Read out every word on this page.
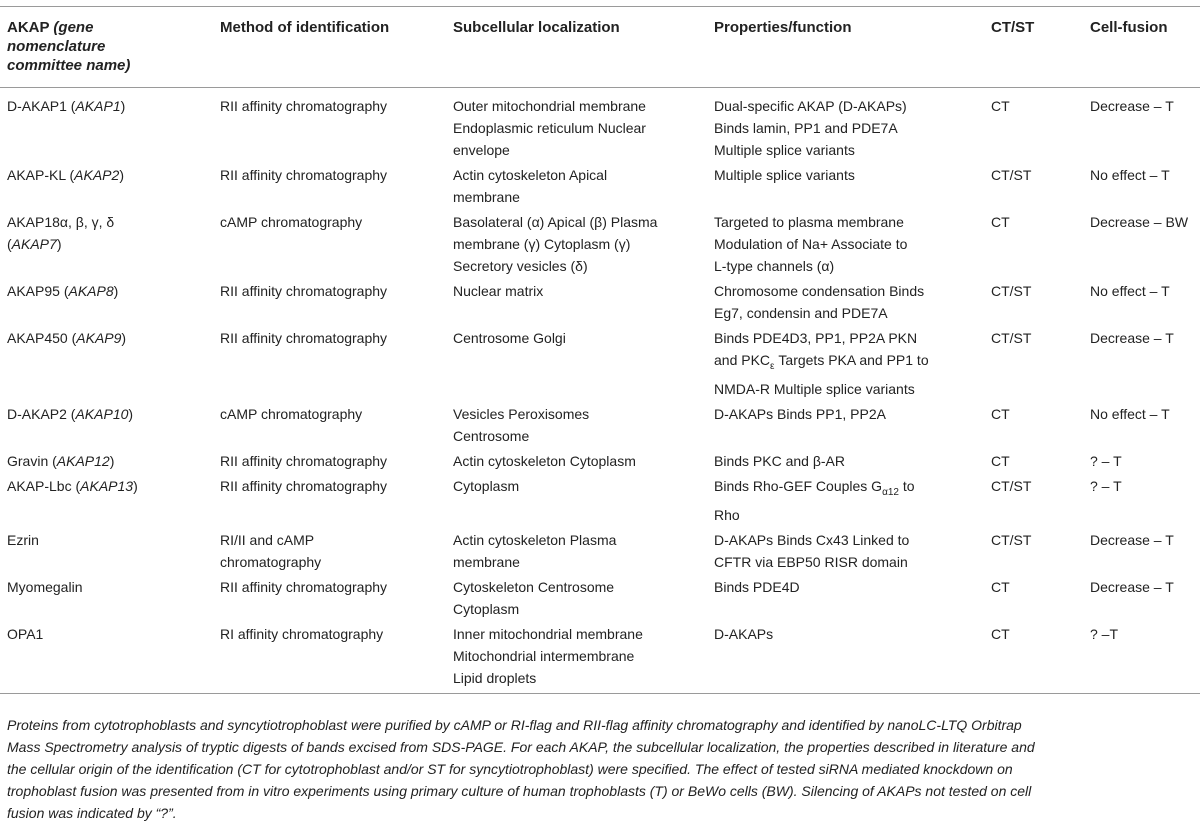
AKAP (gene
nomenclature
committee name)	Method of identification	Subcellular localization	Properties/function	CT/ST	Cell-fusion

D-AKAP1 (AKAP1)	RII affinity chromatography	Outer mitochondrial membrane
Endoplasmic reticulum Nuclear
envelope	Dual-specific AKAP (D-AKAPs)
Binds lamin, PP1 and PDE7A
Multiple splice variants	CT	Decrease – T

AKAP-KL (AKAP2)	RII affinity chromatography	Actin cytoskeleton Apical
membrane	Multiple splice variants	CT/ST	No effect – T

AKAP18α, β, γ, δ
(AKAP7)	cAMP chromatography	Basolateral (α) Apical (β) Plasma
membrane (γ) Cytoplasm (γ)
Secretory vesicles (δ)	Targeted to plasma membrane
Modulation of Na+ Associate to
L-type channels (α)	CT	Decrease – BW

AKAP95 (AKAP8)	RII affinity chromatography	Nuclear matrix	Chromosome condensation Binds
Eg7, condensin and PDE7A	CT/ST	No effect – T

AKAP450 (AKAP9)	RII affinity chromatography	Centrosome Golgi	Binds PDE4D3, PP1, PP2A PKN
and $PKC_\varepsilon$ Targets PKA and PP1 to
NMDA-R Multiple splice variants	CT/ST	Decrease – T

D-AKAP2 (AKAP10)	cAMP chromatography	Vesicles Peroxisomes
Centrosome	D-AKAPs Binds PP1, PP2A	CT	No effect – T

Gravin (AKAP12)	RII affinity chromatography	Actin cytoskeleton Cytoplasm	Binds PKC and β-AR	CT	? – T

AKAP-Lbc (AKAP13)	RII affinity chromatography	Cytoplasm	Binds Rho-GEF Couples $G_{\alpha 12}$ to
Rho	CT/ST	? – T

Ezrin	RI/II and cAMP
chromatography	Actin cytoskeleton Plasma
membrane	D-AKAPs Binds Cx43 Linked to
CFTR via EBP50 RISR domain	CT/ST	Decrease – T

Myomegalin	RII affinity chromatography	Cytoskeleton Centrosome
Cytoplasm	Binds PDE4D	CT	Decrease – T

OPA1	RI affinity chromatography	Inner mitochondrial membrane
Mitochondrial intermembrane
Lipid droplets	D-AKAPs	CT	? –T
Proteins from cytotrophoblasts and syncytiotrophoblast were purified by cAMP or RI-flag and RII-flag affinity chromatography and identified by nanoLC-LTQ Orbitrap
Mass Spectrometry analysis of tryptic digests of bands excised from SDS-PAGE. For each AKAP, the subcellular localization, the properties described in literature and
the cellular origin of the identification (CT for cytotrophoblast and/or ST for syncytiotrophoblast) were specified. The effect of tested siRNA mediated knockdown on
trophoblast fusion was presented from in vitro experiments using primary culture of human trophoblasts (T) or BeWo cells (BW). Silencing of AKAPs not tested on cell
fusion was indicated by “?”.
